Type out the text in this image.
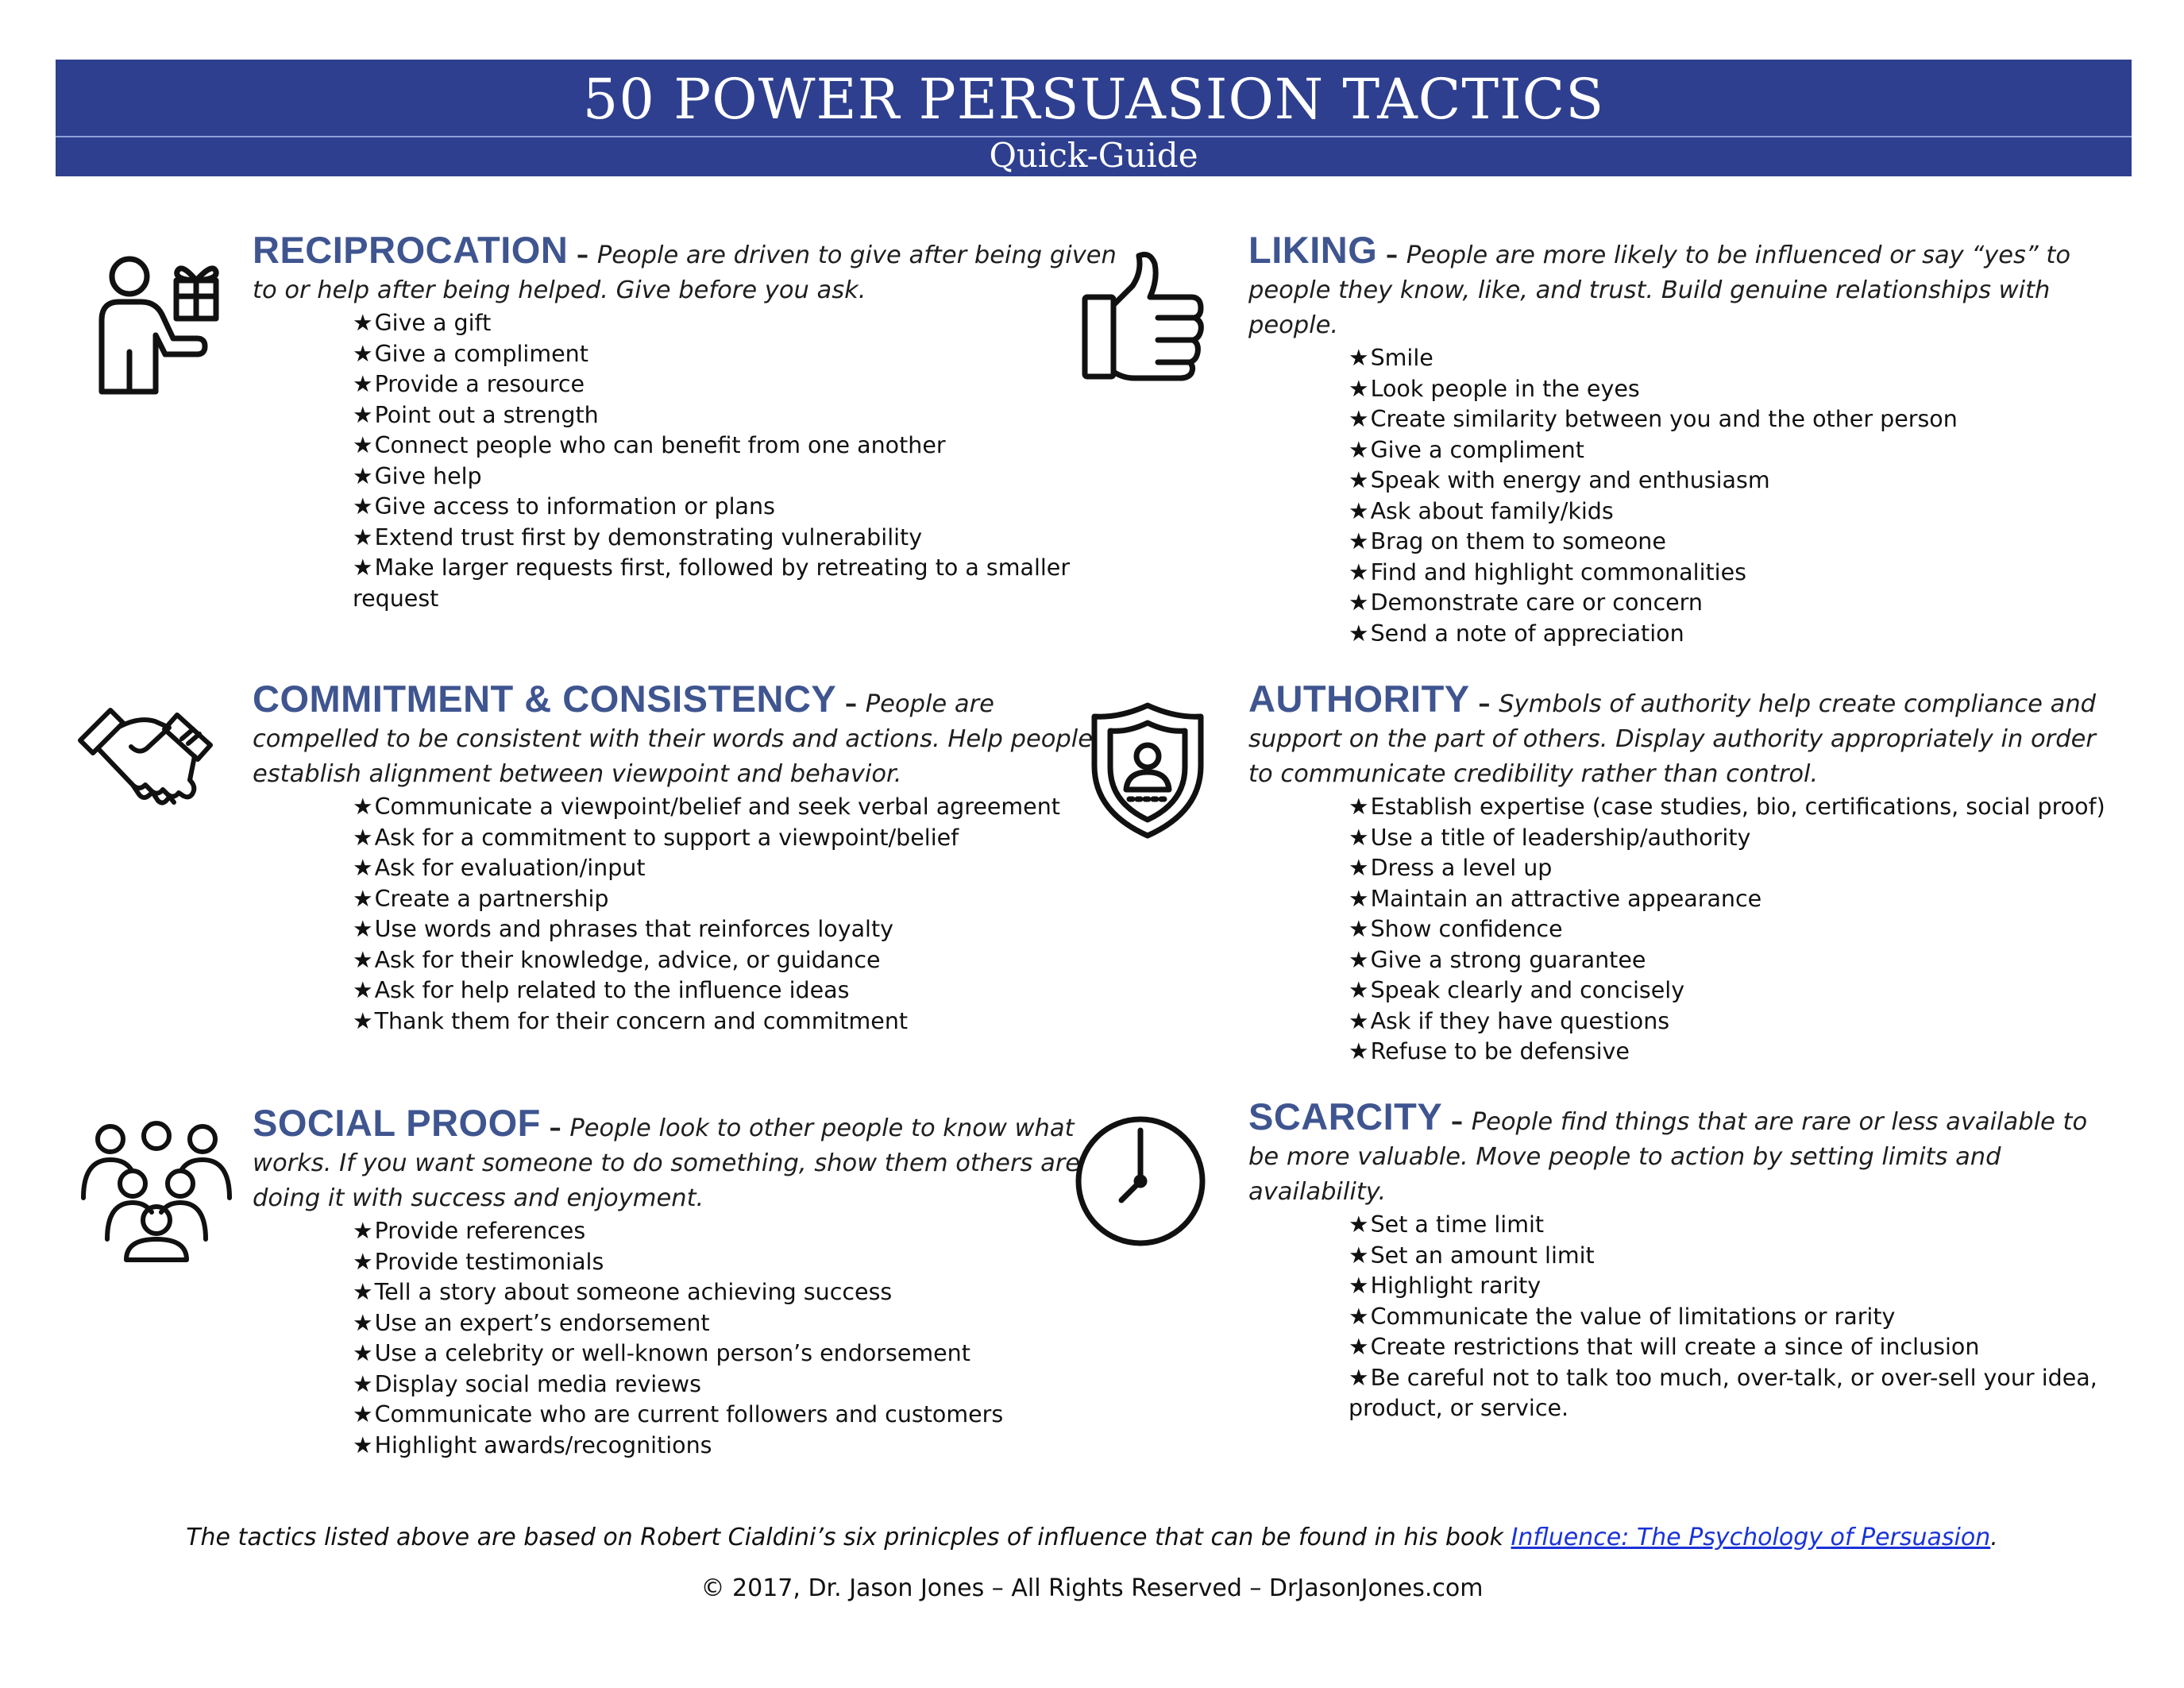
50 POWER PERSUASION TACTICS
Quick-Guide
RECIPROCATION – People are driven to give after being given to or help after being helped. Give before you ask.
★Give a gift
★Give a compliment
★Provide a resource
★Point out a strength
★Connect people who can benefit from one another
★Give help
★Give access to information or plans
★Extend trust first by demonstrating vulnerability
★Make larger requests first, followed by retreating to a smaller request
LIKING – People are more likely to be influenced or say “yes” to people they know, like, and trust. Build genuine relationships with people.
★Smile
★Look people in the eyes
★Create similarity between you and the other person
★Give a compliment
★Speak with energy and enthusiasm
★Ask about family/kids
★Brag on them to someone
★Find and highlight commonalities
★Demonstrate care or concern
★Send a note of appreciation
COMMITMENT & CONSISTENCY – People are compelled to be consistent with their words and actions. Help people establish alignment between viewpoint and behavior.
★Communicate a viewpoint/belief and seek verbal agreement
★Ask for a commitment to support a viewpoint/belief
★Ask for evaluation/input
★Create a partnership
★Use words and phrases that reinforces loyalty
★Ask for their knowledge, advice, or guidance
★Ask for help related to the influence ideas
★Thank them for their concern and commitment
AUTHORITY – Symbols of authority help create compliance and support on the part of others. Display authority appropriately in order to communicate credibility rather than control.
★Establish expertise (case studies, bio, certifications, social proof)
★Use a title of leadership/authority
★Dress a level up
★Maintain an attractive appearance
★Show confidence
★Give a strong guarantee
★Speak clearly and concisely
★Ask if they have questions
★Refuse to be defensive
SOCIAL PROOF – People look to other people to know what works. If you want someone to do something, show them others are doing it with success and enjoyment.
★Provide references
★Provide testimonials
★Tell a story about someone achieving success
★Use an expert’s endorsement
★Use a celebrity or well-known person’s endorsement
★Display social media reviews
★Communicate who are current followers and customers
★Highlight awards/recognitions
SCARCITY – People find things that are rare or less available to be more valuable. Move people to action by setting limits and availability.
★Set a time limit
★Set an amount limit
★Highlight rarity
★Communicate the value of limitations or rarity
★Create restrictions that will create a since of inclusion
★Be careful not to talk too much, over-talk, or over-sell your idea, product, or service.
The tactics listed above are based on Robert Cialdini’s six prinicples of influence that can be found in his book Influence: The Psychology of Persuasion.
© 2017, Dr. Jason Jones – All Rights Reserved – DrJasonJones.com
